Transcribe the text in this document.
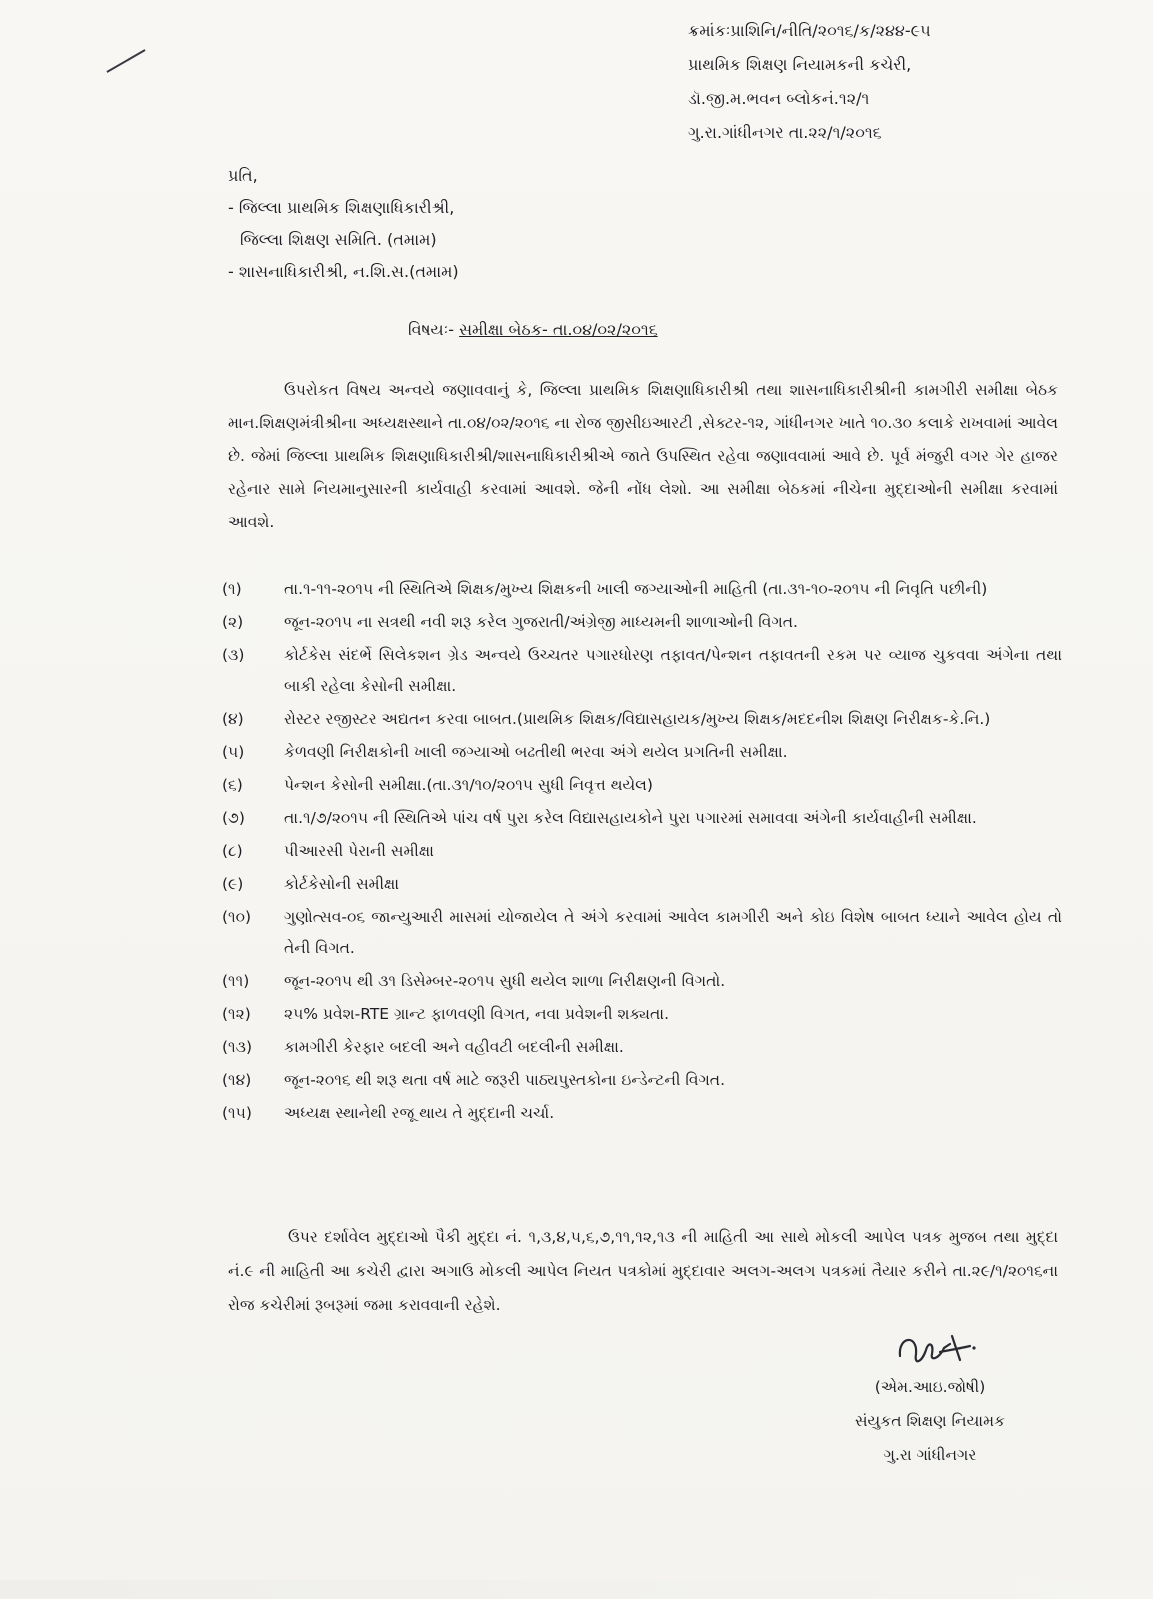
ક્રમાંકઃપ્રાશિનિ/નીતિ/૨૦૧૬/ક/૨૪૪-૯૫
પ્રાથમિક શિક્ષણ નિયામકની કચેરી,
ડૉ.જી.મ.ભવન બ્લોકનં.૧૨/૧
ગુ.રા.ગાંધીનગર તા.૨૨/૧/૨૦૧૬
પ્રતિ,
- જિલ્લા પ્રાથમિક શિક્ષણાધિકારીશ્રી,
જિલ્લા શિક્ષણ સમિતિ. (તમામ)
- શાસનાધિકારીશ્રી, ન.શિ.સ.(તમામ)
વિષયઃ- સમીક્ષા બેઠક- તા.૦૪/૦૨/૨૦૧૬
ઉપરોકત વિષય અન્વયે જણાવવાનું કે, જિલ્લા પ્રાથમિક શિક્ષણાધિકારીશ્રી તથા શાસનાધિકારીશ્રીની કામગીરી સમીક્ષા બેઠક માન.શિક્ષણમંત્રીશ્રીના અધ્યક્ષસ્થાને તા.૦૪/૦૨/૨૦૧૬ ના રોજ જીસીઇઆરટી ,સેક્ટર-૧૨, ગાંધીનગર ખાતે ૧૦.૩૦ કલાકે રાખવામાં આવેલ છે. જેમાં જિલ્લા પ્રાથમિક શિક્ષણાધિકારીશ્રી/શાસનાધિકારીશ્રીએ જાતે ઉપસ્થિત રહેવા જણાવવામાં આવે છે. પૂર્વ મંજુરી વગર ગેર હાજર રહેનાર સામે નિયમાનુસારની કાર્યવાહી કરવામાં આવશે. જેની નોંધ લેશો. આ સમીક્ષા બેઠકમાં નીચેના મુદ્દાઓની સમીક્ષા કરવામાં આવશે.
(૧)	તા.૧-૧૧-૨૦૧૫ ની સ્થિતિએ શિક્ષક/મુખ્ય શિક્ષકની ખાલી જગ્યાઓની માહિતી (તા.૩૧-૧૦-૨૦૧૫ ની નિવૃતિ પછીની)
(૨)	જૂન-૨૦૧૫ ના સત્રથી નવી શરૂ કરેલ ગુજરાતી/અંગ્રેજી માધ્યમની શાળાઓની વિગત.
(૩)	કોર્ટકેસ સંદર્ભે સિલેકશન ગ્રેડ અન્વયે ઉચ્ચતર પગારધોરણ તફાવત/પેન્શન તફાવતની રકમ પર વ્યાજ ચુકવવા અંગેના તથા બાકી રહેલા કેસોની સમીક્ષા.
(૪)	રોસ્ટર રજીસ્ટર અદ્યતન કરવા બાબત.(પ્રાથમિક શિક્ષક/વિદ્યાસહાયક/મુખ્ય શિક્ષક/મદદનીશ શિક્ષણ નિરીક્ષક-કે.નિ.)
(૫)	કેળવણી નિરીક્ષકોની ખાલી જગ્યાઓ બઢતીથી ભરવા અંગે થયેલ પ્રગતિની સમીક્ષા.
(૬)	પેન્શન કેસોની સમીક્ષા.(તા.૩૧/૧૦/૨૦૧૫ સુધી નિવૃત્ત થયેલ)
(૭)	તા.૧/૭/૨૦૧૫ ની સ્થિતિએ પાંચ વર્ષ પુરા કરેલ વિદ્યાસહાયકોને પુરા પગારમાં સમાવવા અંગેની કાર્યવાહીની સમીક્ષા.
(૮)	પીઆરસી પેરાની સમીક્ષા
(૯)	કોર્ટકેસોની સમીક્ષા
(૧૦)	ગુણોત્સવ-૦૬ જાન્યુઆરી માસમાં યોજાયેલ તે અંગે કરવામાં આવેલ કામગીરી અને કોઇ વિશેષ બાબત ધ્યાને આવેલ હોય તો તેની વિગત.
(૧૧)	જૂન-૨૦૧૫ થી ૩૧ ડિસેમ્બર-૨૦૧૫ સુધી થયેલ શાળા નિરીક્ષણની વિગતો.
(૧૨)	૨૫% પ્રવેશ-RTE ગ્રાન્ટ ફાળવણી વિગત, નવા પ્રવેશની શક્યતા.
(૧૩)	કામગીરી કેરફાર બદલી અને વહીવટી બદલીની સમીક્ષા.
(૧૪)	જૂન-૨૦૧૬ થી શરૂ થતા વર્ષ માટે જરૂરી પાઠ્યપુસ્તકોના ઇન્ડેન્ટની વિગત.
(૧૫)	અધ્યક્ષ સ્થાનેથી રજૂ થાય તે મુદ્દાની ચર્ચા.
ઉપર દર્શાવેલ મુદ્દાઓ પૈકી મુદ્દા નં. ૧,૩,૪,૫,૬,૭,૧૧,૧૨,૧૩ ની માહિતી આ સાથે મોકલી આપેલ પત્રક મુજબ તથા મુદ્દા નં.૯ ની માહિતી આ કચેરી દ્વારા અગાઉ મોકલી આપેલ નિયત પત્રકોમાં મુદ્દાવાર અલગ-અલગ પત્રકમાં તૈયાર કરીને તા.૨૯/૧/૨૦૧૬ના રોજ કચેરીમાં રૂબરૂમાં જમા કરાવવાની રહેશે.
(એમ.આઇ.જોષી)
સંયુકત શિક્ષણ નિયામક
ગુ.રા ગાંધીનગર
